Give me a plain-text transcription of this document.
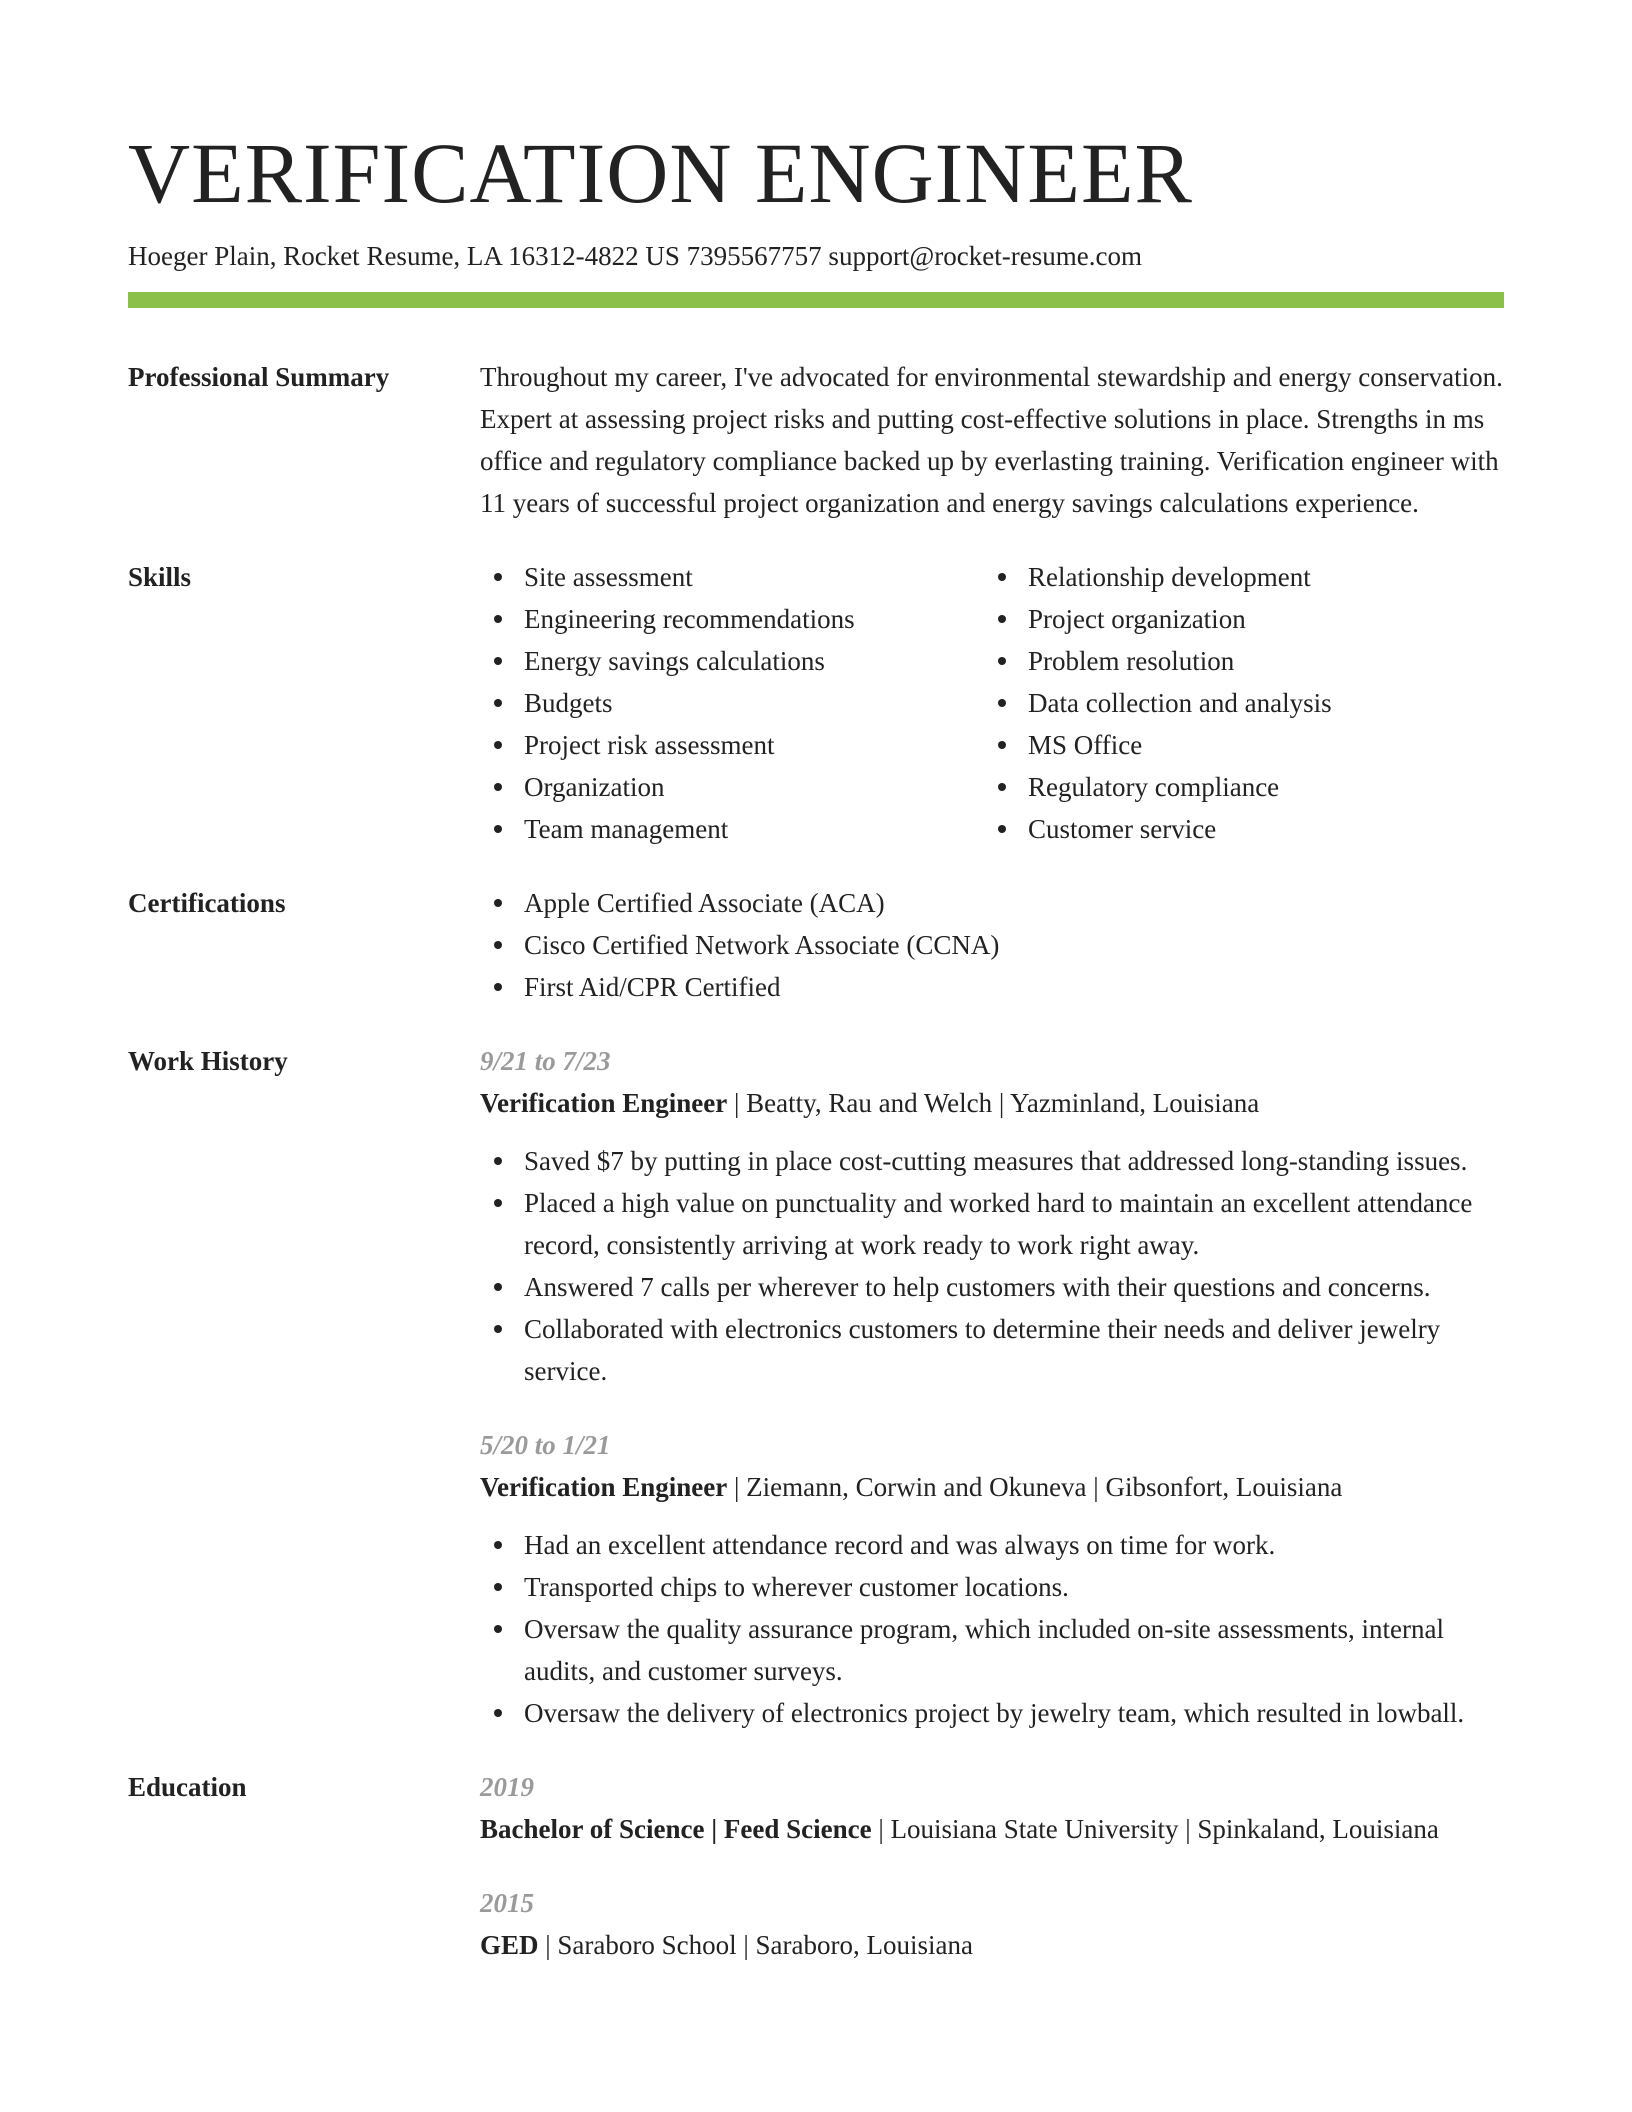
VERIFICATION ENGINEER
Hoeger Plain, Rocket Resume, LA 16312-4822 US 7395567757 support@rocket-resume.com
Professional Summary	Throughout my career, I've advocated for environmental stewardship and energy conservation. Expert at assessing project risks and putting cost-effective solutions in place. Strengths in ms office and regulatory compliance backed up by everlasting training. Verification engineer with 11 years of successful project organization and energy savings calculations experience.
Skills	Site assessment
Engineering recommendations
Energy savings calculations
Budgets
Project risk assessment
Organization
Team management
Relationship development
Project organization
Problem resolution
Data collection and analysis
MS Office
Regulatory compliance
Customer service
Certifications	Apple Certified Associate (ACA)
Cisco Certified Network Associate (CCNA)
First Aid/CPR Certified
Work History	9/21 to 7/23
Verification Engineer | Beatty, Rau and Welch | Yazminland, Louisiana
Saved $7 by putting in place cost-cutting measures that addressed long-standing issues.
Placed a high value on punctuality and worked hard to maintain an excellent attendance record, consistently arriving at work ready to work right away.
Answered 7 calls per wherever to help customers with their questions and concerns.
Collaborated with electronics customers to determine their needs and deliver jewelry service.
5/20 to 1/21
Verification Engineer | Ziemann, Corwin and Okuneva | Gibsonfort, Louisiana
Had an excellent attendance record and was always on time for work.
Transported chips to wherever customer locations.
Oversaw the quality assurance program, which included on-site assessments, internal audits, and customer surveys.
Oversaw the delivery of electronics project by jewelry team, which resulted in lowball.
Education	2019
Bachelor of Science | Feed Science | Louisiana State University | Spinkaland, Louisiana
2015
GED | Saraboro School | Saraboro, Louisiana
